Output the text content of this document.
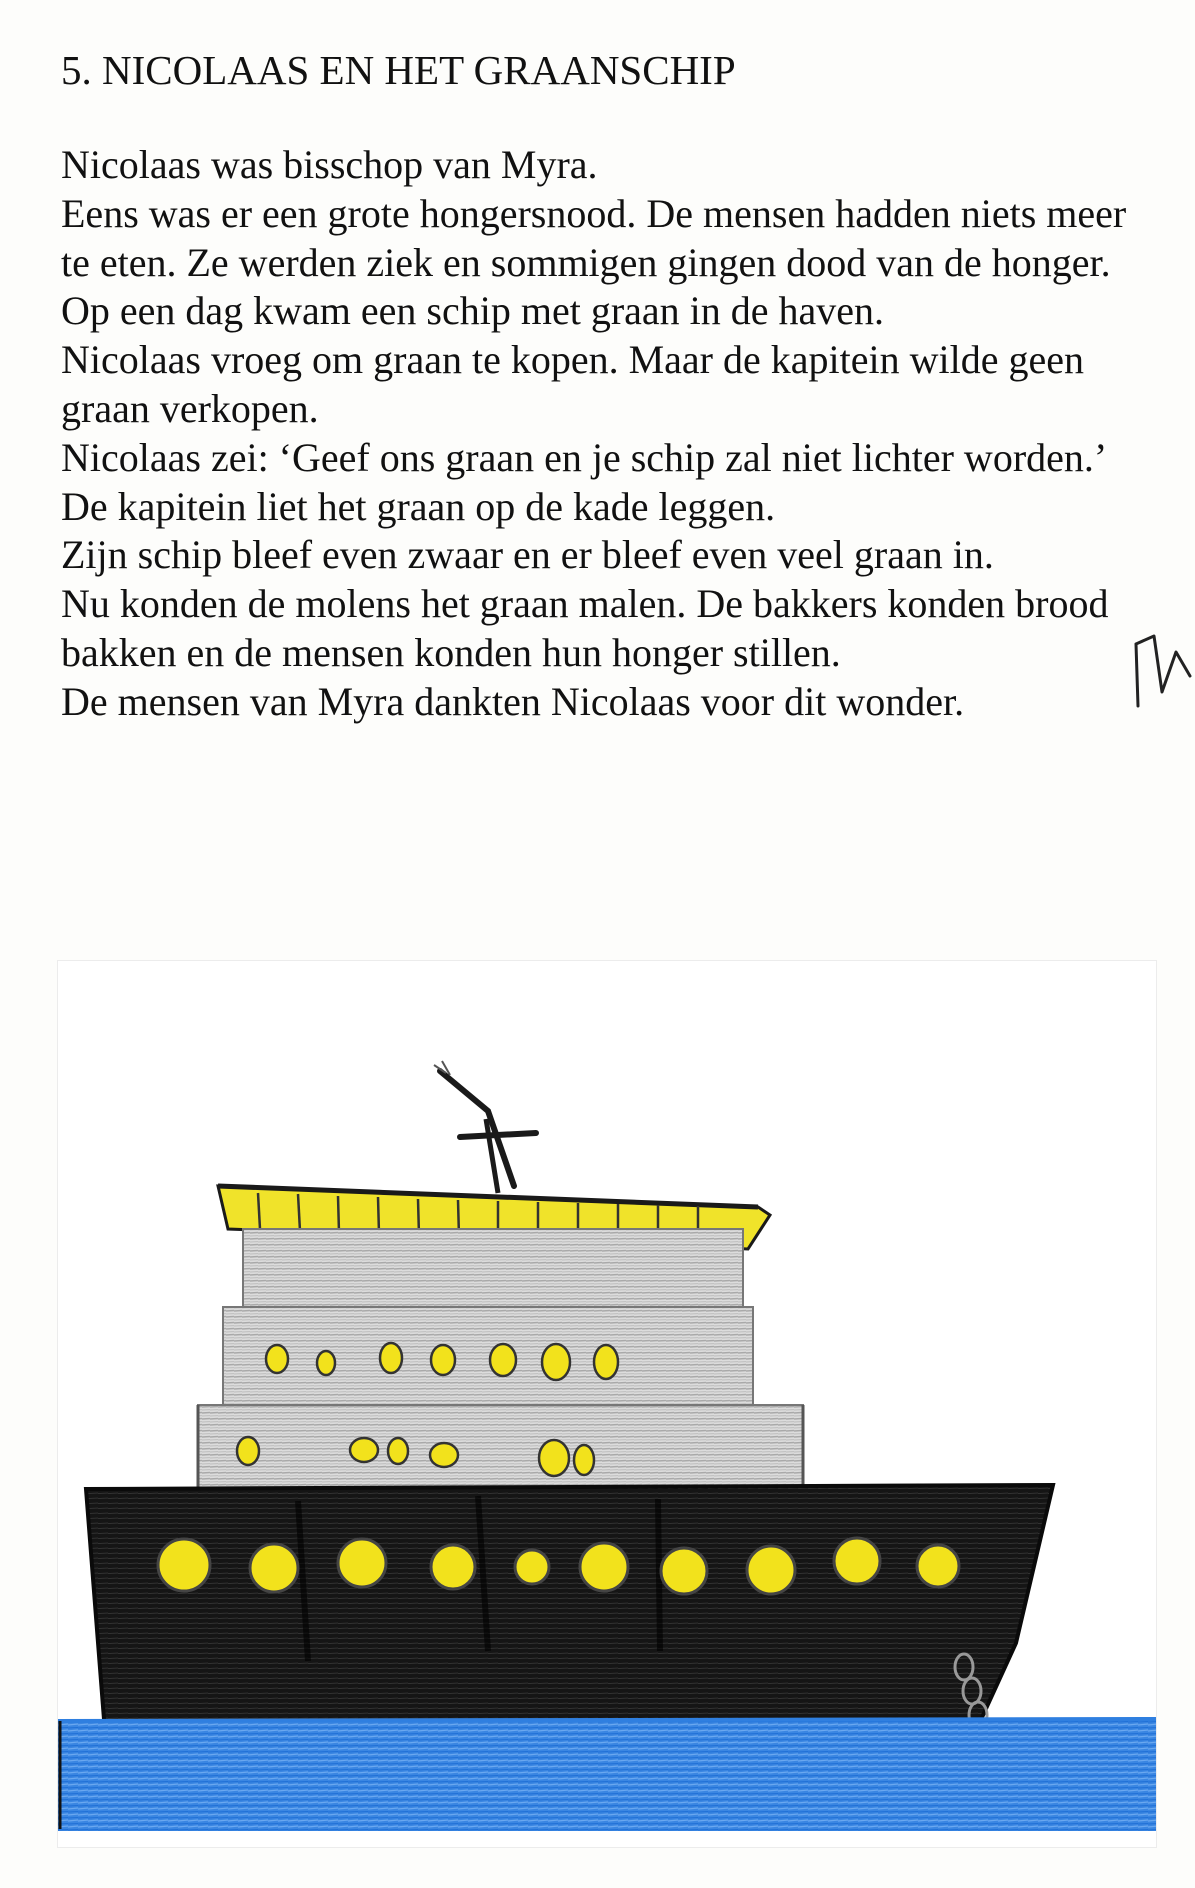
5. NICOLAAS EN HET GRAANSCHIP

Nicolaas was bisschop van Myra.

Eens was er een grote hongersnood. De mensen hadden niets meer te eten. Ze werden ziek en sommigen gingen dood van de honger.

Op een dag kwam een schip met graan in de haven.

Nicolaas vroeg om graan te kopen. Maar de kapitein wilde geen graan verkopen.

Nicolaas zei: ‘Geef ons graan en je schip zal niet lichter worden.’

De kapitein liet het graan op de kade leggen.

Zijn schip bleef even zwaar en er bleef even veel graan in.

Nu konden de molens het graan malen. De bakkers konden brood bakken en de mensen konden hun honger stillen.

De mensen van Myra dankten Nicolaas voor dit wonder.
